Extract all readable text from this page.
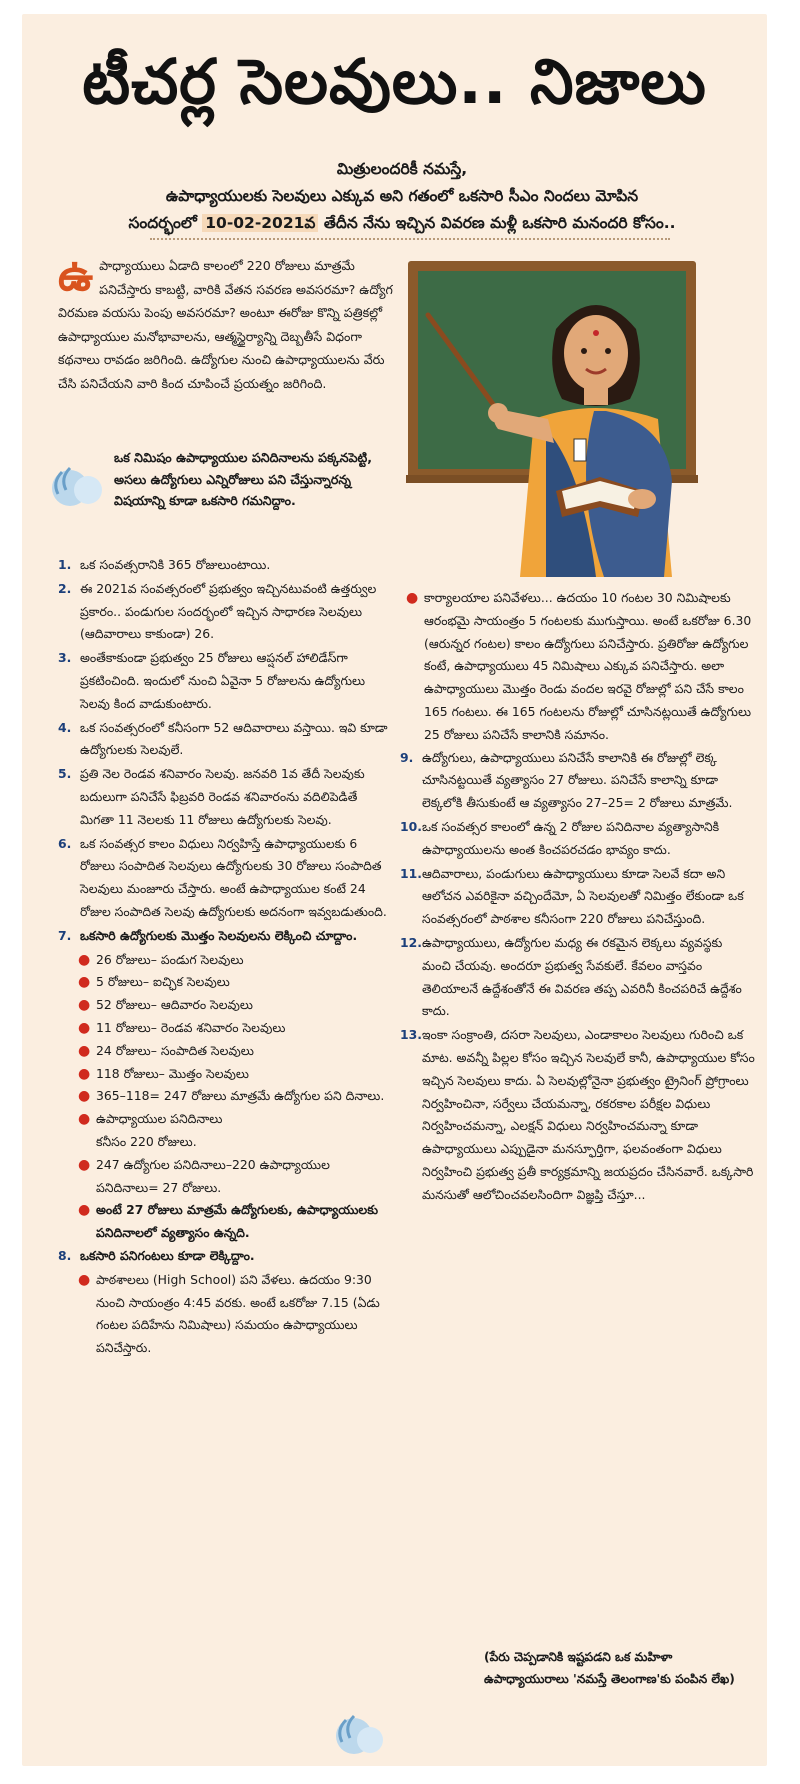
టీచర్ల సెలవులు.. నిజాలు
మిత్రులందరికీ నమస్తే,
ఉపాధ్యాయులకు సెలవులు ఎక్కువ అని గతంలో ఒకసారి సీఎం నిందలు మోపిన
సందర్భంలో 10-02-2021వ తేదీన నేను ఇచ్చిన వివరణ మళ్లీ ఒకసారి మనందరి కోసం..
ఉపాధ్యాయులు ఏడాది కాలంలో 220 రోజులు మాత్రమే పనిచేస్తారు కాబట్టి, వారికి వేతన సవరణ అవసరమా? ఉద్యోగ విరమణ వయసు పెంపు అవసరమా? అంటూ ఈరోజు కొన్ని పత్రికల్లో ఉపాధ్యాయుల మనోభావాలను, ఆత్మస్థైర్యాన్ని దెబ్బతీసే విధంగా కథనాలు రావడం జరిగింది. ఉద్యోగుల నుంచి ఉపాధ్యాయులను వేరు చేసి పనిచేయని వారి కింద చూపించే ప్రయత్నం జరిగింది.
ఒక నిమిషం ఉపాధ్యాయుల పనిదినాలను పక్కనపెట్టి, అసలు ఉద్యోగులు ఎన్నిరోజులు పని చేస్తున్నారన్న విషయాన్ని కూడా ఒకసారి గమనిద్దాం.
1. ఒక సంవత్సరానికి 365 రోజులుంటాయి.
2. ఈ 2021వ సంవత్సరంలో ప్రభుత్వం ఇచ్చినటువంటి ఉత్తర్వుల ప్రకారం.. పండుగుల సందర్భంలో ఇచ్చిన సాధారణ సెలవులు (ఆదివారాలు కాకుండా) 26.
3. అంతేకాకుండా ప్రభుత్వం 25 రోజులు ఆప్షనల్ హాలిడేస్‌గా ప్రకటించింది. ఇందులో నుంచి ఏవైనా 5 రోజులను ఉద్యోగులు సెలవు కింద వాడుకుంటారు.
4. ఒక సంవత్సరంలో కనీసంగా 52 ఆదివారాలు వస్తాయి. ఇవి కూడా ఉద్యోగులకు సెలవులే.
5. ప్రతి నెల రెండవ శనివారం సెలవు. జనవరి 1వ తేదీ సెలవుకు బదులుగా పనిచేసే ఫిబ్రవరి రెండవ శనివారంను వదిలిపెడితే మిగతా 11 నెలలకు 11 రోజులు ఉద్యోగులకు సెలవు.
6. ఒక సంవత్సర కాలం విధులు నిర్వహిస్తే ఉపాధ్యాయులకు 6 రోజులు సంపాదిత సెలవులు ఉద్యోగులకు 30 రోజులు సంపాదిత సెలవులు మంజూరు చేస్తారు. అంటే ఉపాధ్యాయుల కంటే 24 రోజుల సంపాదిత సెలవు ఉద్యోగులకు అదనంగా ఇవ్వబడుతుంది.
7. ఒకసారి ఉద్యోగులకు మొత్తం సెలవులను లెక్కించి చూద్దాం.
● 26 రోజులు– పండుగ సెలవులు
● 5 రోజులు– ఐచ్ఛిక సెలవులు
● 52 రోజులు– ఆదివారం సెలవులు
● 11 రోజులు– రెండవ శనివారం సెలవులు
● 24 రోజులు– సంపాదిత సెలవులు
● 118 రోజులు– మొత్తం సెలవులు
● 365–118= 247 రోజులు మాత్రమే ఉద్యోగుల పని దినాలు.
● ఉపాధ్యాయుల పనిదినాలు
కనీసం 220 రోజులు.
● 247 ఉద్యోగుల పనిదినాలు–220 ఉపాధ్యాయుల పనిదినాలు= 27 రోజులు.
● అంటే 27 రోజులు మాత్రమే ఉద్యోగులకు, ఉపాధ్యాయులకు పనిదినాలలో వ్యత్యాసం ఉన్నది.
8. ఒకసారి పనిగంటలు కూడా లెక్కిద్దాం.
● పాఠశాలలు (High School) పని వేళలు. ఉదయం 9:30 నుంచి సాయంత్రం 4:45 వరకు. అంటే ఒకరోజు 7.15 (ఏడు గంటల పదిహేను నిమిషాలు) సమయం ఉపాధ్యాయులు పనిచేస్తారు.
● కార్యాలయాల పనివేళలు... ఉదయం 10 గంటల 30 నిమిషాలకు ఆరంభమై సాయంత్రం 5 గంటలకు ముగుస్తాయి. అంటే ఒకరోజు 6.30 (ఆరున్నర గంటల) కాలం ఉద్యోగులు పనిచేస్తారు. ప్రతిరోజు ఉద్యోగుల కంటే, ఉపాధ్యాయులు 45 నిమిషాలు ఎక్కువ పనిచేస్తారు. అలా ఉపాధ్యాయులు మొత్తం రెండు వందల ఇరవై రోజుల్లో పని చేసే కాలం 165 గంటలు. ఈ 165 గంటలను రోజుల్లో చూసినట్లయితే ఉద్యోగులు 25 రోజులు పనిచేసే కాలానికి సమానం.
9. ఉద్యోగులు, ఉపాధ్యాయులు పనిచేసే కాలానికి ఈ రోజుల్లో లెక్క చూసినట్టయితే వ్యత్యాసం 27 రోజులు. పనిచేసే కాలాన్ని కూడా లెక్కలోకి తీసుకుంటే ఆ వ్యత్యాసం 27–25= 2 రోజులు మాత్రమే.
10. ఒక సంవత్సర కాలంలో ఉన్న 2 రోజుల పనిదినాల వ్యత్యాసానికి ఉపాధ్యాయులను అంత కించపరచడం భావ్యం కాదు.
11. ఆదివారాలు, పండుగులు ఉపాధ్యాయులు కూడా సెలవే కదా అని ఆలోచన ఎవరికైనా వచ్చిందేమో, ఏ సెలవులతో నిమిత్తం లేకుండా ఒక సంవత్సరంలో పాఠశాల కనీసంగా 220 రోజులు పనిచేస్తుంది.
12. ఉపాధ్యాయులు, ఉద్యోగుల మధ్య ఈ రకమైన లెక్కలు వ్యవస్థకు మంచి చేయవు. అందరూ ప్రభుత్వ సేవకులే. కేవలం వాస్తవం తెలియాలనే ఉద్దేశంతోనే ఈ వివరణ తప్ప ఎవరినీ కించపరిచే ఉద్దేశం కాదు.
13. ఇంకా సంక్రాంతి, దసరా సెలవులు, ఎండాకాలం సెలవులు గురించి ఒక మాట. అవన్నీ పిల్లల కోసం ఇచ్చిన సెలవులే కానీ, ఉపాధ్యాయుల కోసం ఇచ్చిన సెలవులు కాదు. ఏ సెలవుల్లోనైనా ప్రభుత్వం ట్రైనింగ్ ప్రోగ్రాంలు నిర్వహించినా, సర్వేలు చేయమన్నా, రకరకాల పరీక్షల విధులు నిర్వహించమన్నా, ఎలక్షన్ విధులు నిర్వహించమన్నా కూడా ఉపాధ్యాయులు ఎప్పుడైనా మనస్ఫూర్తిగా, ఫలవంతంగా విధులు నిర్వహించి ప్రభుత్వ ప్రతీ కార్యక్రమాన్ని జయప్రదం చేసినవారే. ఒక్కసారి మనసుతో ఆలోచించవలసిందిగా విజ్ఞప్తి చేస్తూ...
(పేరు చెప్పడానికి ఇష్టపడని ఒక మహిళా ఉపాధ్యాయురాలు 'నమస్తే తెలంగాణ'కు పంపిన లేఖ)
